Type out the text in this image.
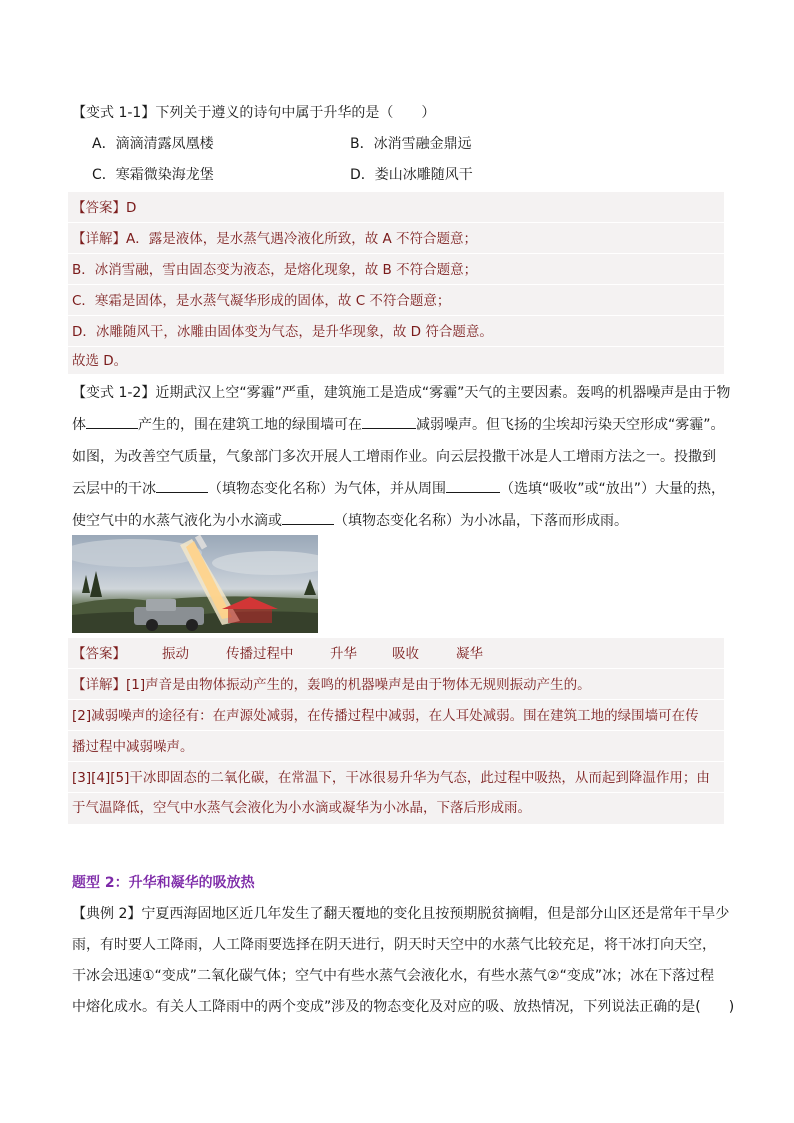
【变式 1-1】下列关于遵义的诗句中属于升华的是（　　）
A．滴滴清露凤凰楼	B．冰消雪融金鼎远
C．寒霜微染海龙堡	D．娄山冰雕随风干
【答案】D
【详解】A．露是液体，是水蒸气遇冷液化所致，故 A 不符合题意；
B．冰消雪融，雪由固态变为液态，是熔化现象，故 B 不符合题意；
C．寒霜是固体，是水蒸气凝华形成的固体，故 C 不符合题意；
D．冰雕随风干，冰雕由固体变为气态，是升华现象，故 D 符合题意。
故选 D。
【变式 1-2】近期武汉上空“雾霾”严重，建筑施工是造成“雾霾”天气的主要因素。轰鸣的机器噪声是由于物
体	产生的，围在建筑工地的绿围墙可在	减弱噪声。但飞扬的尘埃却污染天空形成“雾霾”。
如图，为改善空气质量，气象部门多次开展人工增雨作业。向云层投撒干冰是人工增雨方法之一。投撒到
云层中的干冰	（填物态变化名称）为气体，并从周围	（选填“吸收”或“放出”）大量的热，
使空气中的水蒸气液化为小水滴或	（填物态变化名称）为小冰晶，下落而形成雨。
【答案】	振动	传播过程中	升华	吸收	凝华
【详解】[1]声音是由物体振动产生的，轰鸣的机器噪声是由于物体无规则振动产生的。
[2]减弱噪声的途径有：在声源处减弱，在传播过程中减弱，在人耳处减弱。围在建筑工地的绿围墙可在传
播过程中减弱噪声。
[3][4][5]干冰即固态的二氧化碳，在常温下，干冰很易升华为气态，此过程中吸热，从而起到降温作用；由
于气温降低，空气中水蒸气会液化为小水滴或凝华为小冰晶，下落后形成雨。
题型 2：升华和凝华的吸放热
【典例 2】宁夏西海固地区近几年发生了翻天覆地的变化且按预期脱贫摘帽，但是部分山区还是常年干旱少
雨，有时要人工降雨，人工降雨要选择在阴天进行，阴天时天空中的水蒸气比较充足，将干冰打向天空，
干冰会迅速①“变成”二氧化碳气体；空气中有些水蒸气会液化水，有些水蒸气②“变成”冰；冰在下落过程
中熔化成水。有关人工降雨中的两个变成”涉及的物态变化及对应的吸、放热情况，下列说法正确的是(　　)
